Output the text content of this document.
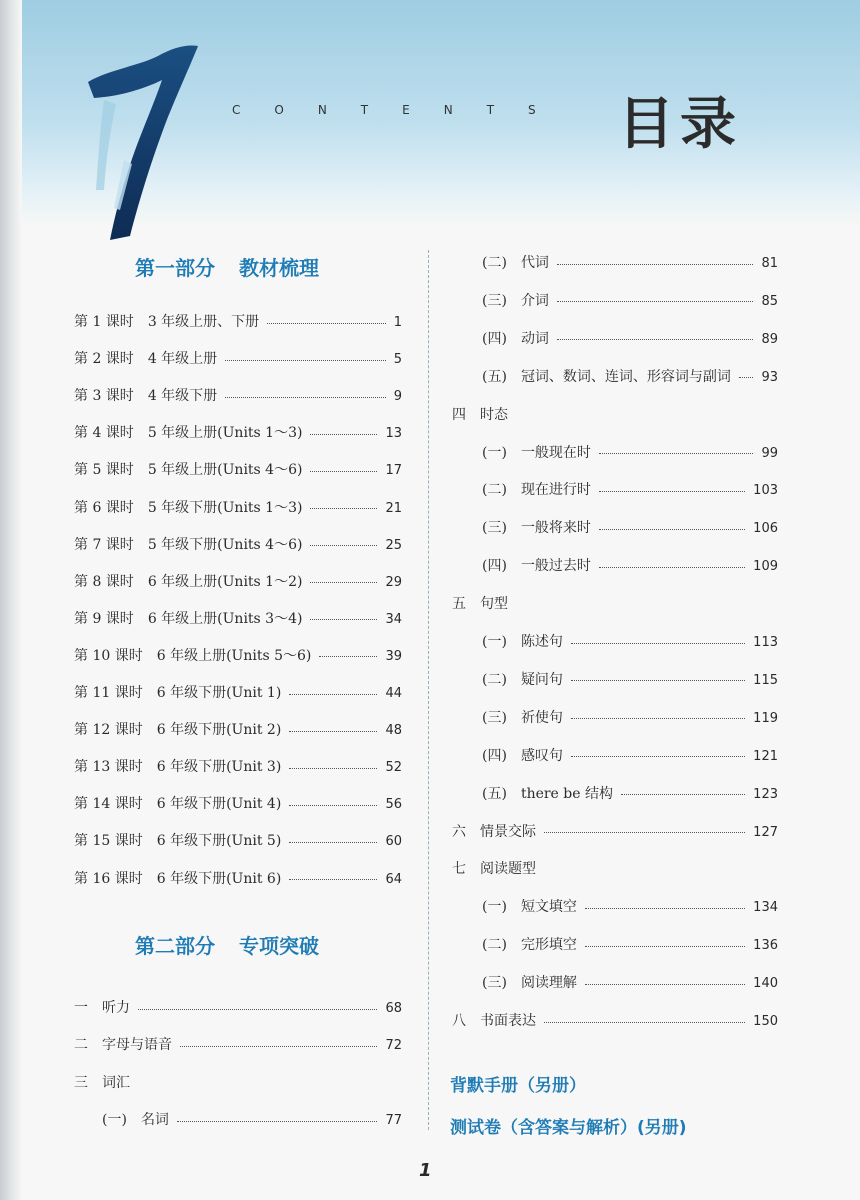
CONTENTS 目录
第一部分 教材梳理
第 1 课时 3 年级上册、下册	1
第 2 课时 4 年级上册	5
第 3 课时 4 年级下册	9
第 4 课时 5 年级上册(Units 1～3)	13
第 5 课时 5 年级上册(Units 4～6)	17
第 6 课时 5 年级下册(Units 1～3)	21
第 7 课时 5 年级下册(Units 4～6)	25
第 8 课时 6 年级上册(Units 1～2)	29
第 9 课时 6 年级上册(Units 3～4)	34
第 10 课时 6 年级上册(Units 5～6)	39
第 11 课时 6 年级下册(Unit 1)	44
第 12 课时 6 年级下册(Unit 2)	48
第 13 课时 6 年级下册(Unit 3)	52
第 14 课时 6 年级下册(Unit 4)	56
第 15 课时 6 年级下册(Unit 5)	60
第 16 课时 6 年级下册(Unit 6)	64
第二部分 专项突破
一 听力	68
二 字母与语音	72
三 词汇
(一) 名词	77
(二) 代词	81
(三) 介词	85
(四) 动词	89
(五) 冠词、数词、连词、形容词与副词 93
四 时态
(一) 一般现在时	99
(二) 现在进行时	103
(三) 一般将来时	106
(四) 一般过去时	109
五 句型
(一) 陈述句	113
(二) 疑问句	115
(三) 祈使句	119
(四) 感叹句	121
(五) there be 结构	123
六 情景交际	127
七 阅读题型
(一) 短文填空	134
(二) 完形填空	136
(三) 阅读理解	140
八 书面表达	150
背默手册（另册）
测试卷（含答案与解析）(另册)
1
